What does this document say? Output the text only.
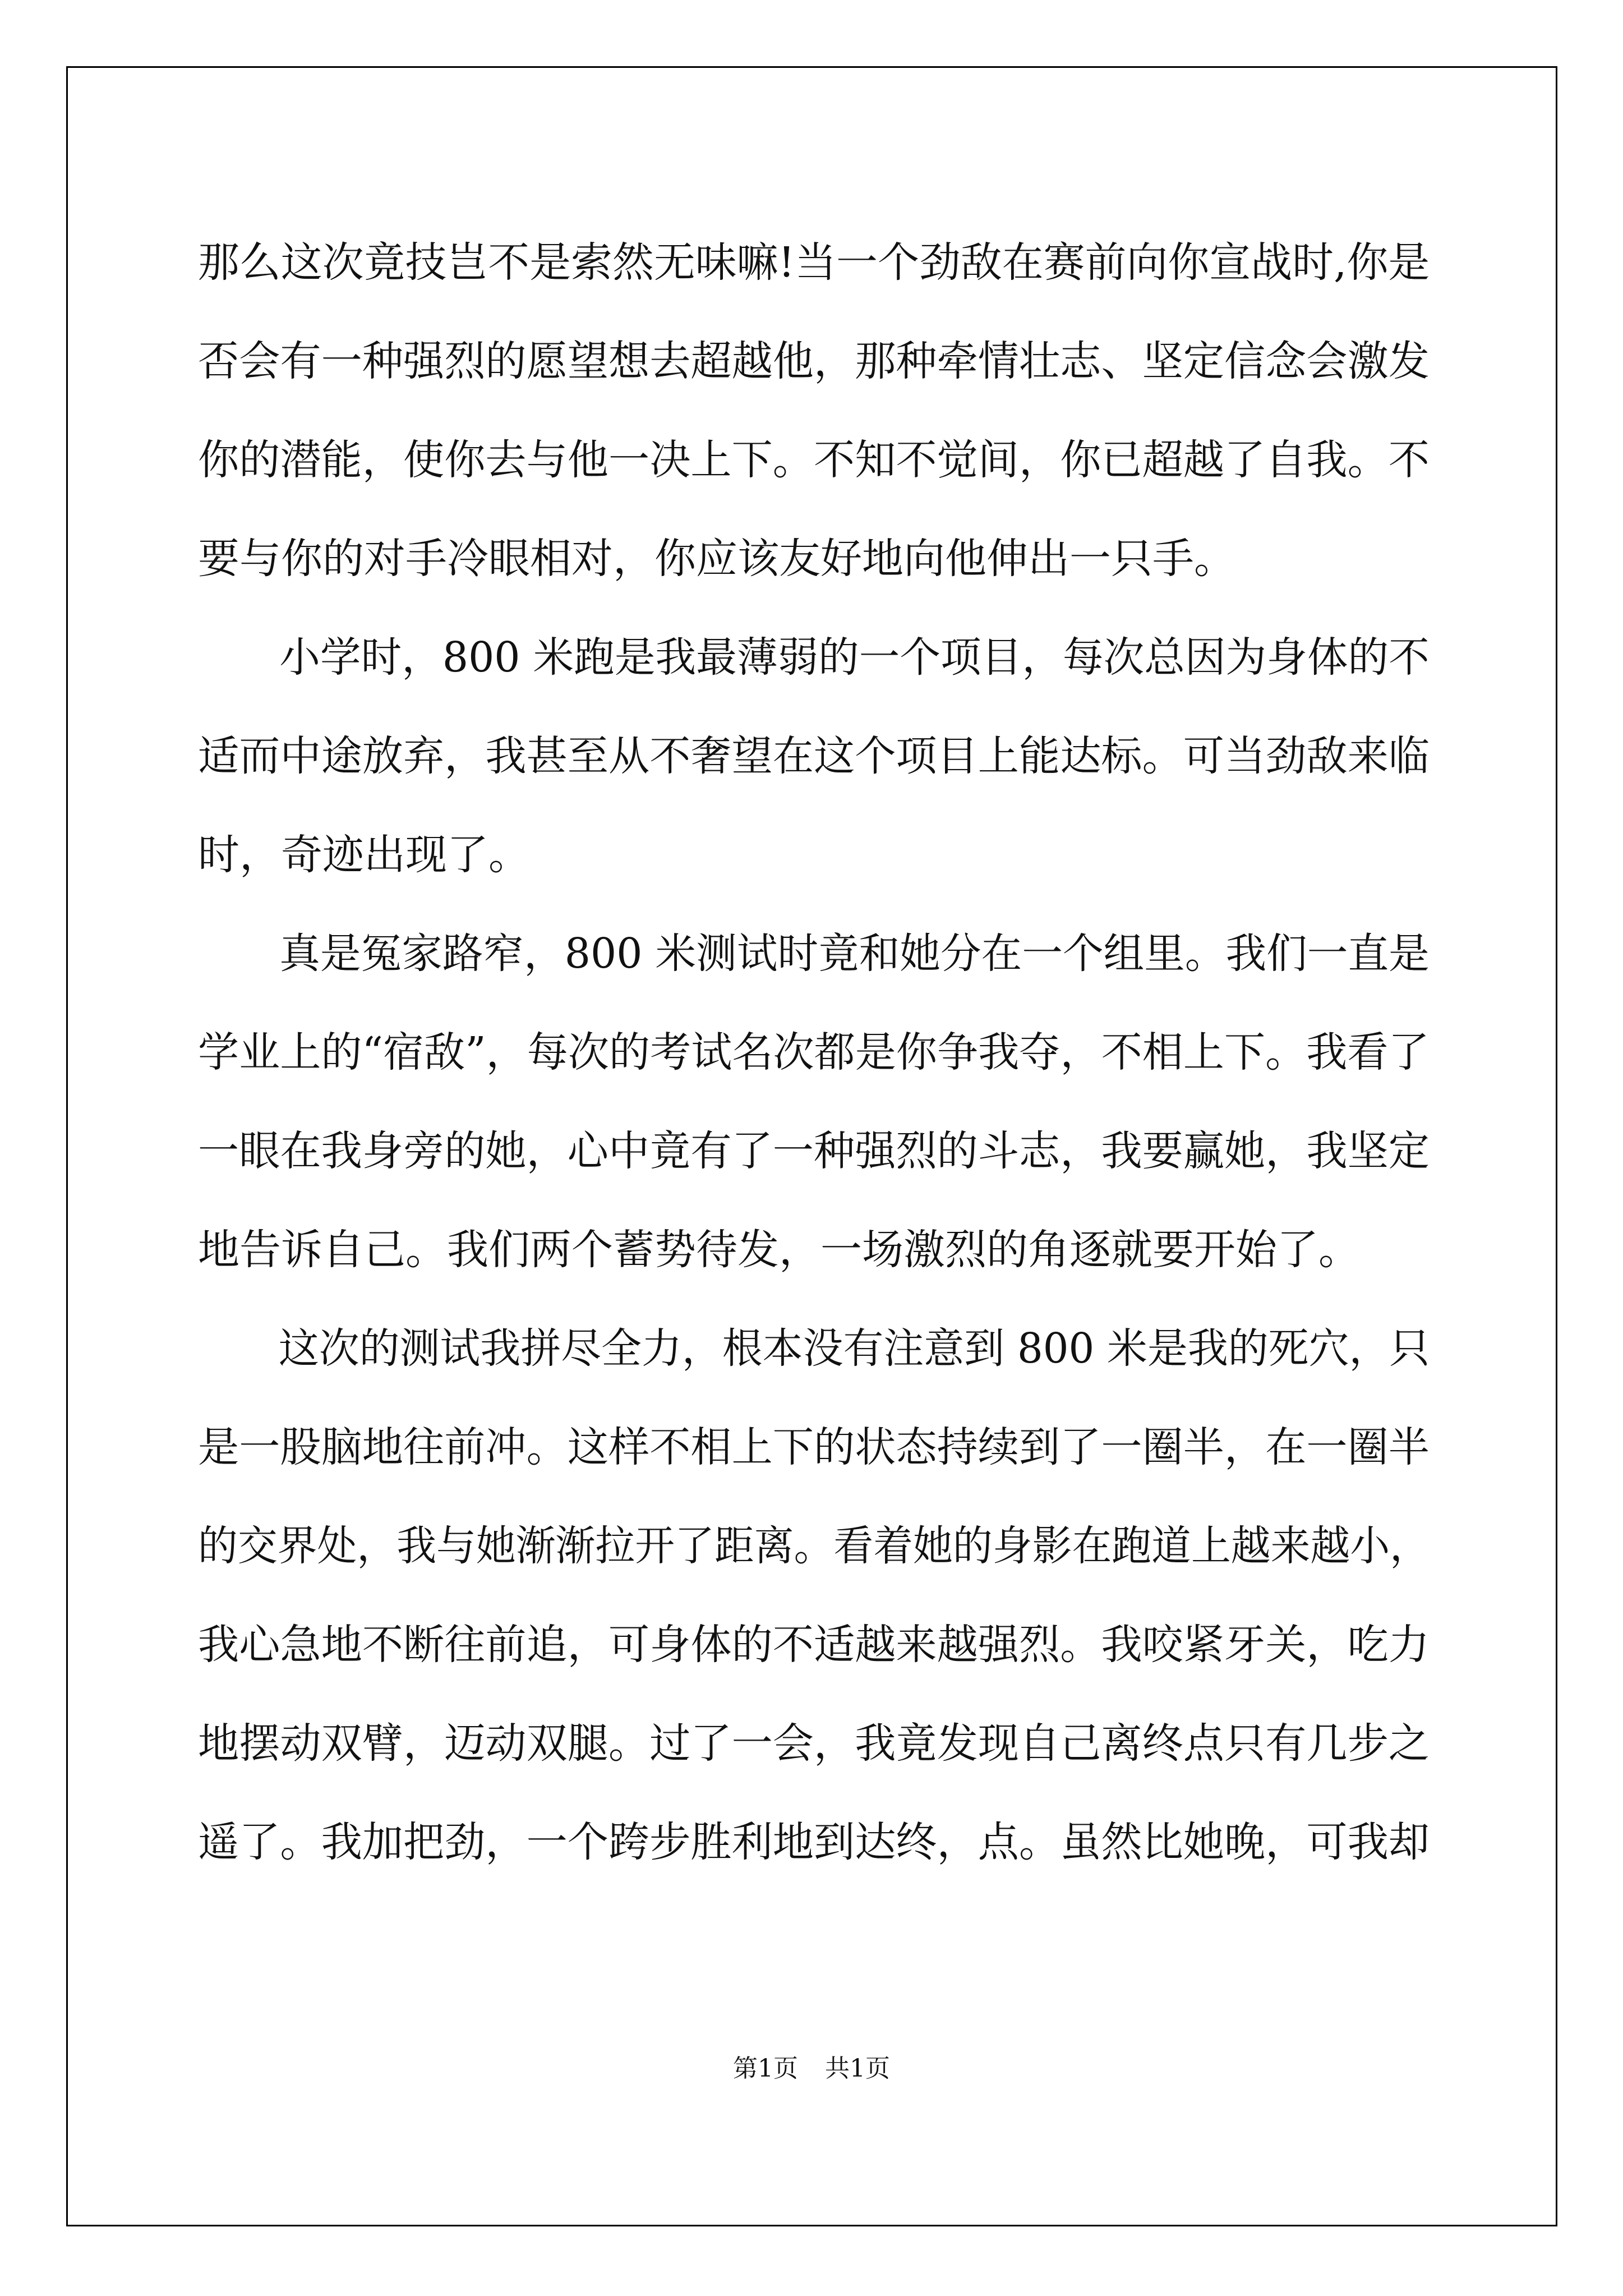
那么这次竟技岂不是索然无味嘛!当一个劲敌在赛前向你宣战时,你是
否会有一种强烈的愿望想去超越他，那种牵情壮志、坚定信念会激发
你的潜能，使你去与他一决上下。不知不觉间，你已超越了自我。不
要与你的对手冷眼相对，你应该友好地向他伸出一只手。
　　小学时，800 米跑是我最薄弱的一个项目，每次总因为身体的不
适而中途放弃，我甚至从不奢望在这个项目上能达标。可当劲敌来临
时，奇迹出现了。
　　真是冤家路窄，800 米测试时竟和她分在一个组里。我们一直是
学业上的“宿敌”，每次的考试名次都是你争我夺，不相上下。我看了
一眼在我身旁的她，心中竟有了一种强烈的斗志，我要赢她，我坚定
地告诉自己。我们两个蓄势待发，一场激烈的角逐就要开始了。
　　这次的测试我拼尽全力，根本没有注意到 800 米是我的死穴，只
是一股脑地往前冲。这样不相上下的状态持续到了一圈半，在一圈半
的交界处，我与她渐渐拉开了距离。看着她的身影在跑道上越来越小，
我心急地不断往前追，可身体的不适越来越强烈。我咬紧牙关，吃力
地摆动双臂，迈动双腿。过了一会，我竟发现自己离终点只有几步之
遥了。我加把劲，一个跨步胜利地到达终，点。虽然比她晚，可我却
第1页 共1页
